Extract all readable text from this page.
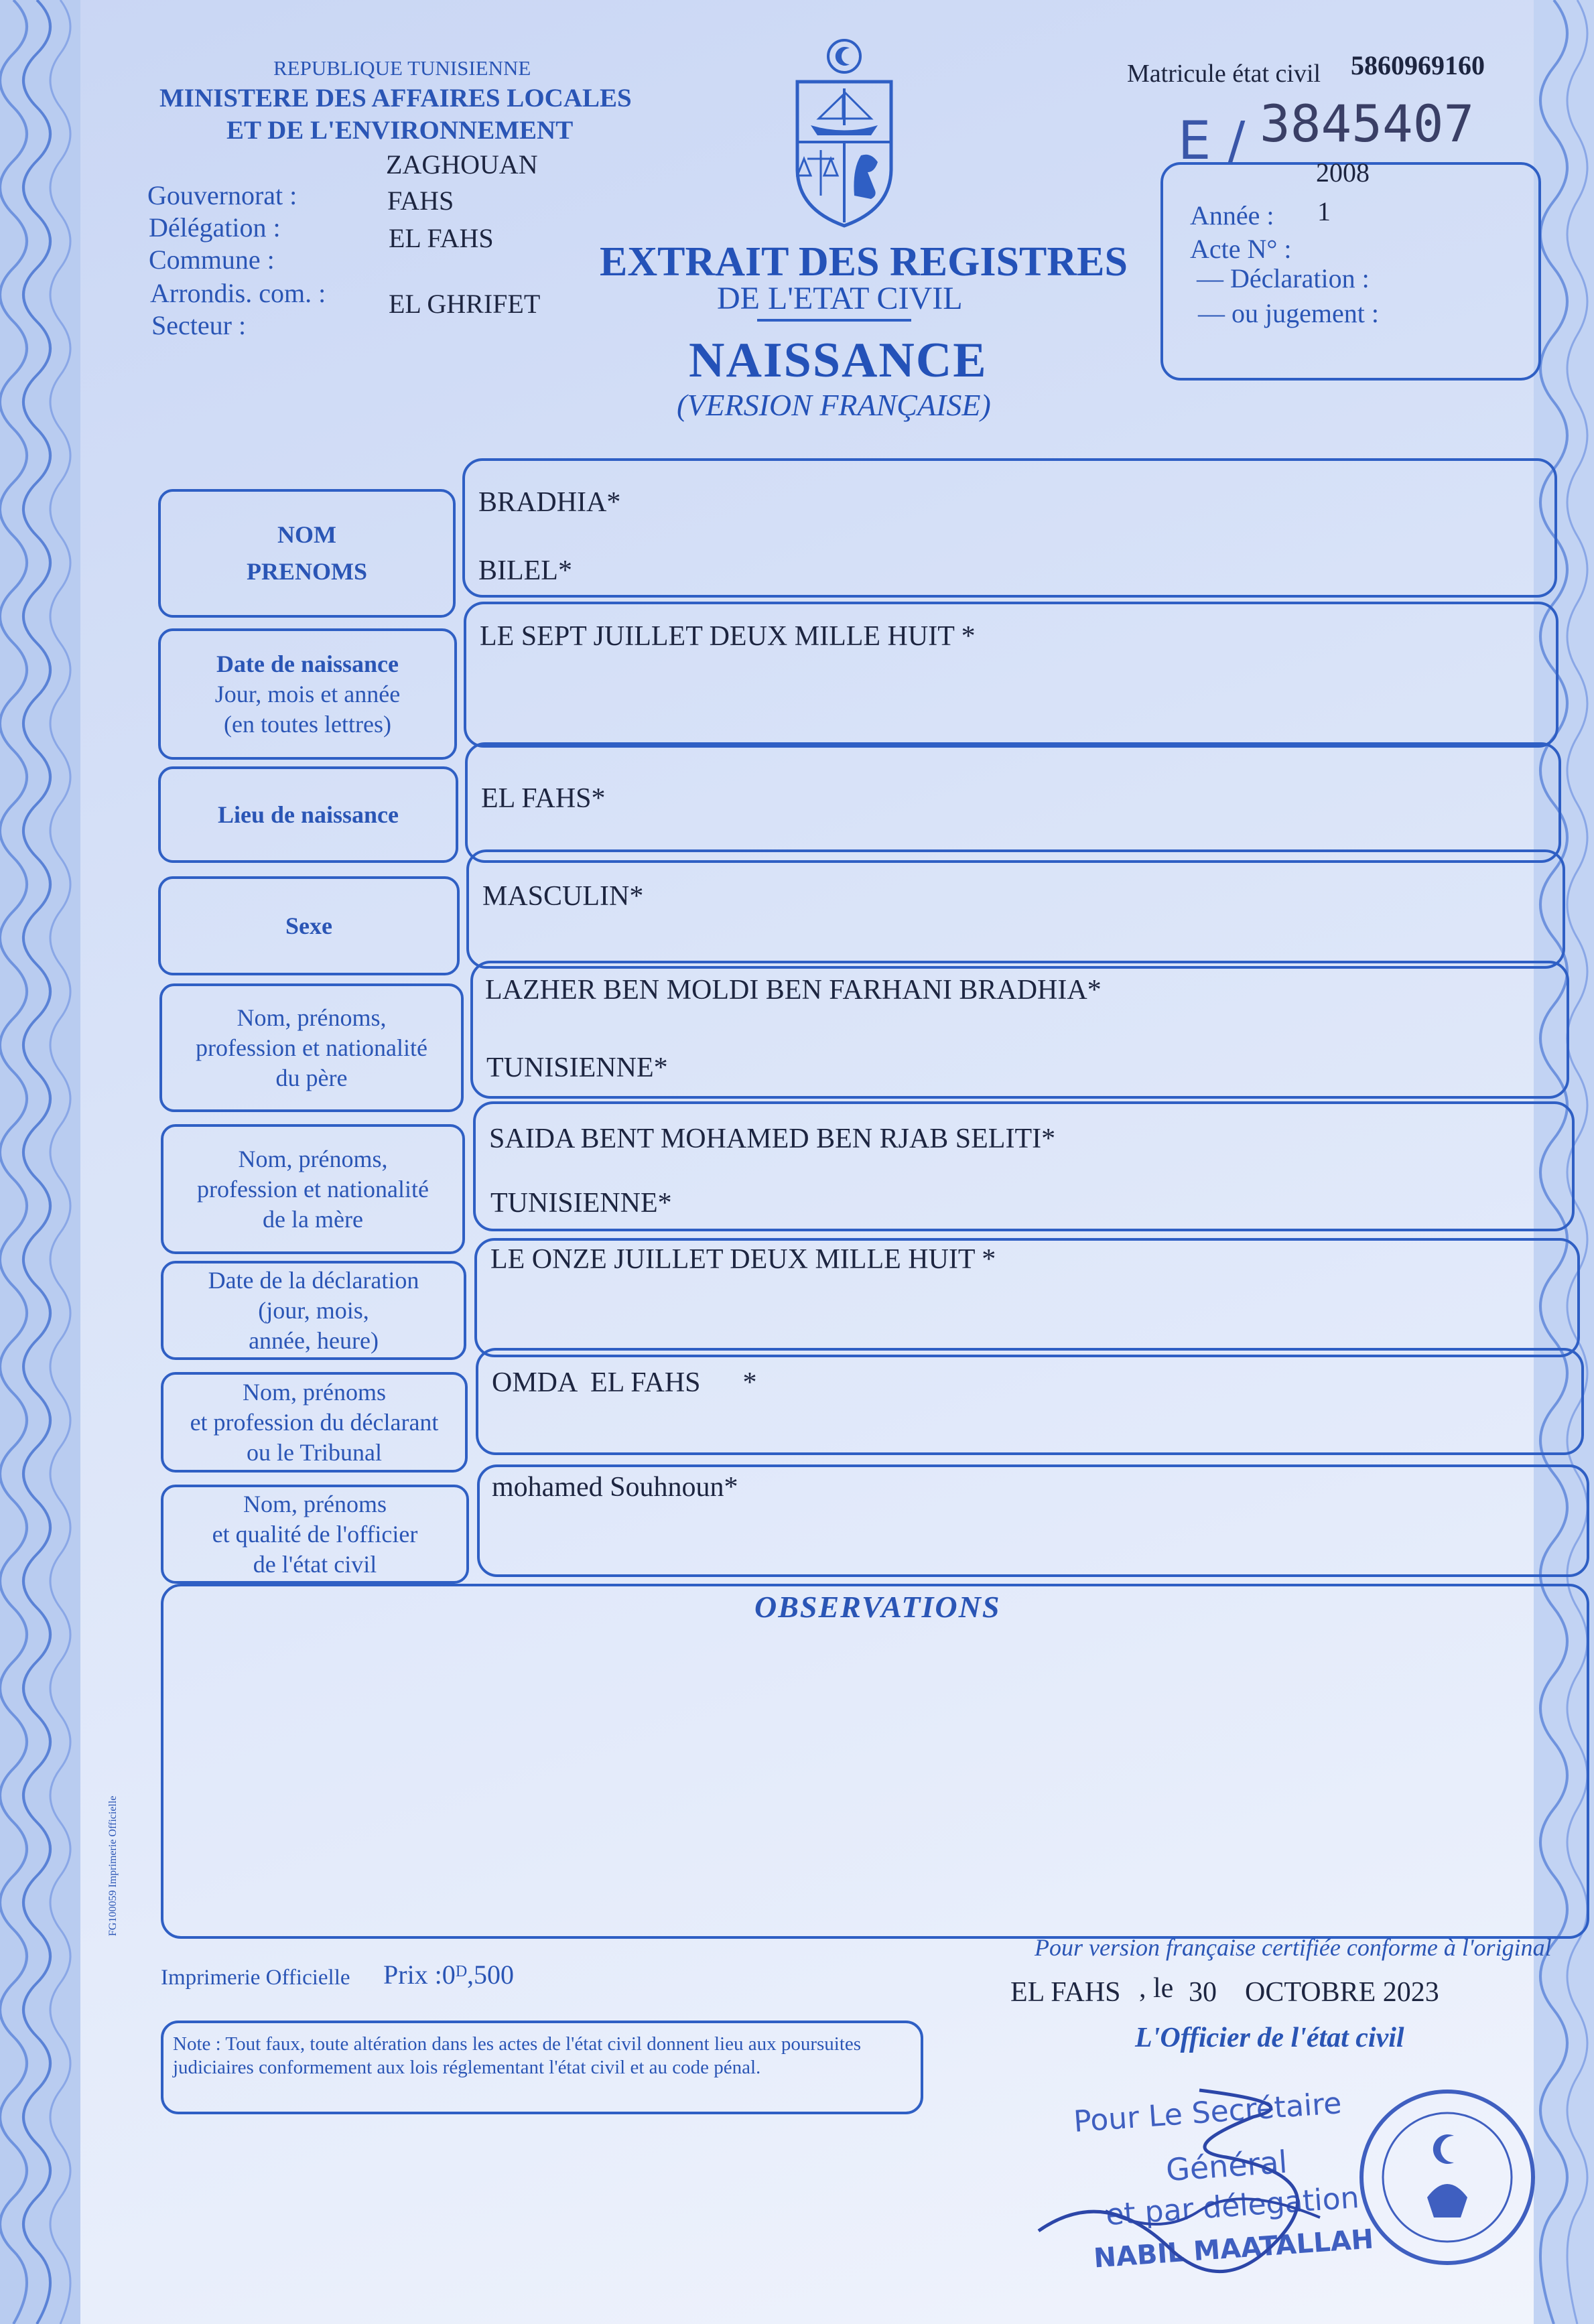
REPUBLIQUE TUNISIENNE
MINISTERE DES AFFAIRES LOCALES
ET DE L'ENVIRONNEMENT
ZAGHOUAN
Gouvernorat :	FAHS
Délégation :	EL FAHS
Commune :
Arrondis. com. : EL GHRIFET
Secteur :
EXTRAIT DES REGISTRES
DE L'ETAT CIVIL
NAISSANCE
(VERSION FRANÇAISE)
Matricule état civil 5860969160
E / 3845407
2008
Année : 1
Acte N° :
— Déclaration :
— ou jugement :
NOM
PRENOMS
BRADHIA*
BILEL*
Date de naissance
Jour, mois et année
(en toutes lettres)
LE SEPT JUILLET DEUX MILLE HUIT *
Lieu de naissance
EL FAHS*
Sexe
MASCULIN*
Nom, prénoms,
profession et nationalité
du père
LAZHER BEN MOLDI BEN FARHANI BRADHIA*
TUNISIENNE*
Nom, prénoms,
profession et nationalité
de la mère
SAIDA BENT MOHAMED BEN RJAB SELITI*
TUNISIENNE*
Date de la déclaration
(jour, mois,
année, heure)
LE ONZE JUILLET DEUX MILLE HUIT *
Nom, prénoms
et profession du déclarant
ou le Tribunal
OMDA  EL FAHS      *
Nom, prénoms
et qualité de l'officier
de l'état civil
mohamed Souhnoun*
OBSERVATIONS
FG100059 Imprimerie Officielle
Imprimerie Officielle Prix :0ᴰ,500
Pour version française certifiée conforme à l'original
EL FAHS , le 30    OCTOBRE 2023
L'Officier de l'état civil
Note : Tout faux, toute altération dans les actes de l'état civil donnent lieu aux poursuites judiciaires conformement aux lois réglementant l'état civil et au code pénal.
Pour Le Secrétaire
Général
et par délegation
NABIL MAATALLAH
